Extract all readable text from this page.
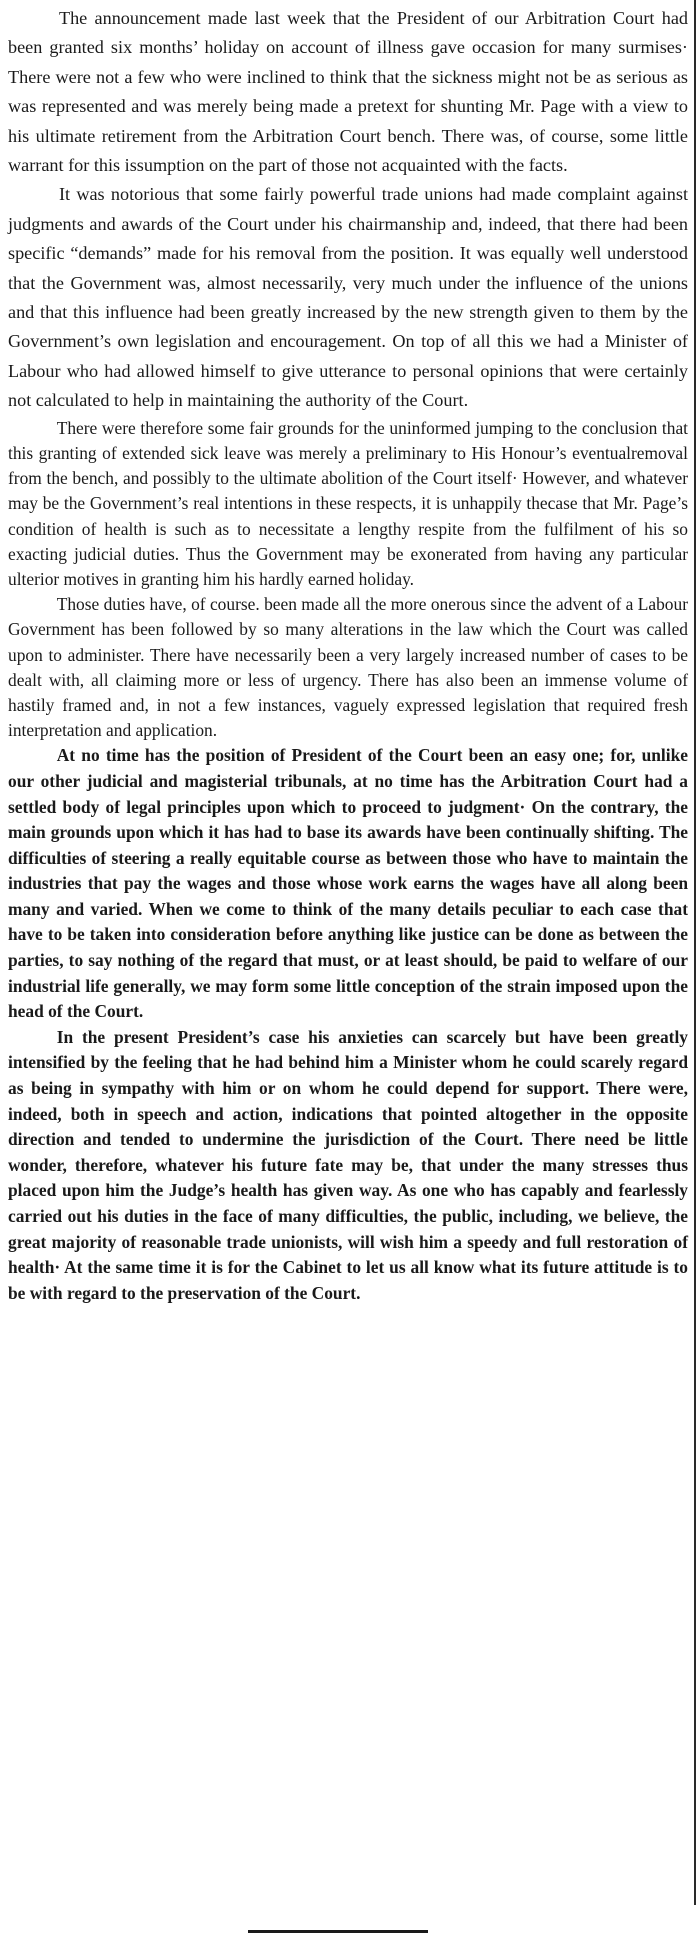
The announcement made last week that the President of our Arbitration Court had been granted six months’ holiday on account of illness gave occasion for many surmises· There were not a few who were inclined to think that the sickness might not be as serious as was represented and was merely being made a pretext for shunting Mr. Page with a view to his ultimate retirement from the Arbitration Court bench. There was, of course, some little warrant for this issumption on the part of those not acquainted with the facts.

It was notorious that some fairly powerful trade unions had made complaint against judgments and awards of the Court under his chairmanship and, indeed, that there had been specific “demands” made for his removal from the position. It was equally well understood that the Government was, almost necessarily, very much under the influence of the unions and that this influence had been greatly increased by the new strength given to them by the Government’s own legislation and encouragement. On top of all this we had a Minister of Labour who had allowed himself to give utterance to personal opinions that were certainly not calculated to help in maintaining the authority of the Court.

There were therefore some fair grounds for the uninformed jumping to the conclusion that this granting of extended sick leave was merely a preliminary to His Honour’s eventualremoval from the bench, and possibly to the ultimate abolition of the Court itself· However, and whatever may be the Government’s real intentions in these respects, it is unhappily thecase that Mr. Page’s condition of health is such as to necessitate a lengthy respite from the fulfilment of his so exacting judicial duties. Thus the Government may be exonerated from having any particular ulterior motives in granting him his hardly earned holiday.

Those duties have, of course. been made all the more onerous since the advent of a Labour Government has been followed by so many alterations in the law which the Court was called upon to administer. There have necessarily been a very largely increased number of cases to be dealt with, all claiming more or less of urgency. There has also been an immense volume of hastily framed and, in not a few instances, vaguely expressed legislation that required fresh interpretation and application.

At no time has the position of President of the Court been an easy one; for, unlike our other judicial and magisterial tribunals, at no time has the Arbitration Court had a settled body of legal principles upon which to proceed to judgment· On the contrary, the main grounds upon which it has had to base its awards have been continually shifting. The difficulties of steering a really equitable course as between those who have to maintain the industries that pay the wages and those whose work earns the wages have all along been many and varied. When we come to think of the many details peculiar to each case that have to be taken into consideration before anything like justice can be done as between the parties, to say nothing of the regard that must, or at least should, be paid to welfare of our industrial life generally, we may form some little conception of the strain imposed upon the head of the Court.

In the present President’s case his anxieties can scarcely but have been greatly intensified by the feeling that he had behind him a Minister whom he could scarely regard as being in sympathy with him or on whom he could depend for support. There were, indeed, both in speech and action, indications that pointed altogether in the opposite direction and tended to undermine the jurisdiction of the Court. There need be little wonder, therefore, whatever his future fate may be, that under the many stresses thus placed upon him the Judge’s health has given way. As one who has capably and fearlessly carried out his duties in the face of many difficulties, the public, including, we believe, the great majority of reasonable trade unionists, will wish him a speedy and full restoration of health· At the same time it is for the Cabinet to let us all know what its future attitude is to be with regard to the preservation of the Court.
